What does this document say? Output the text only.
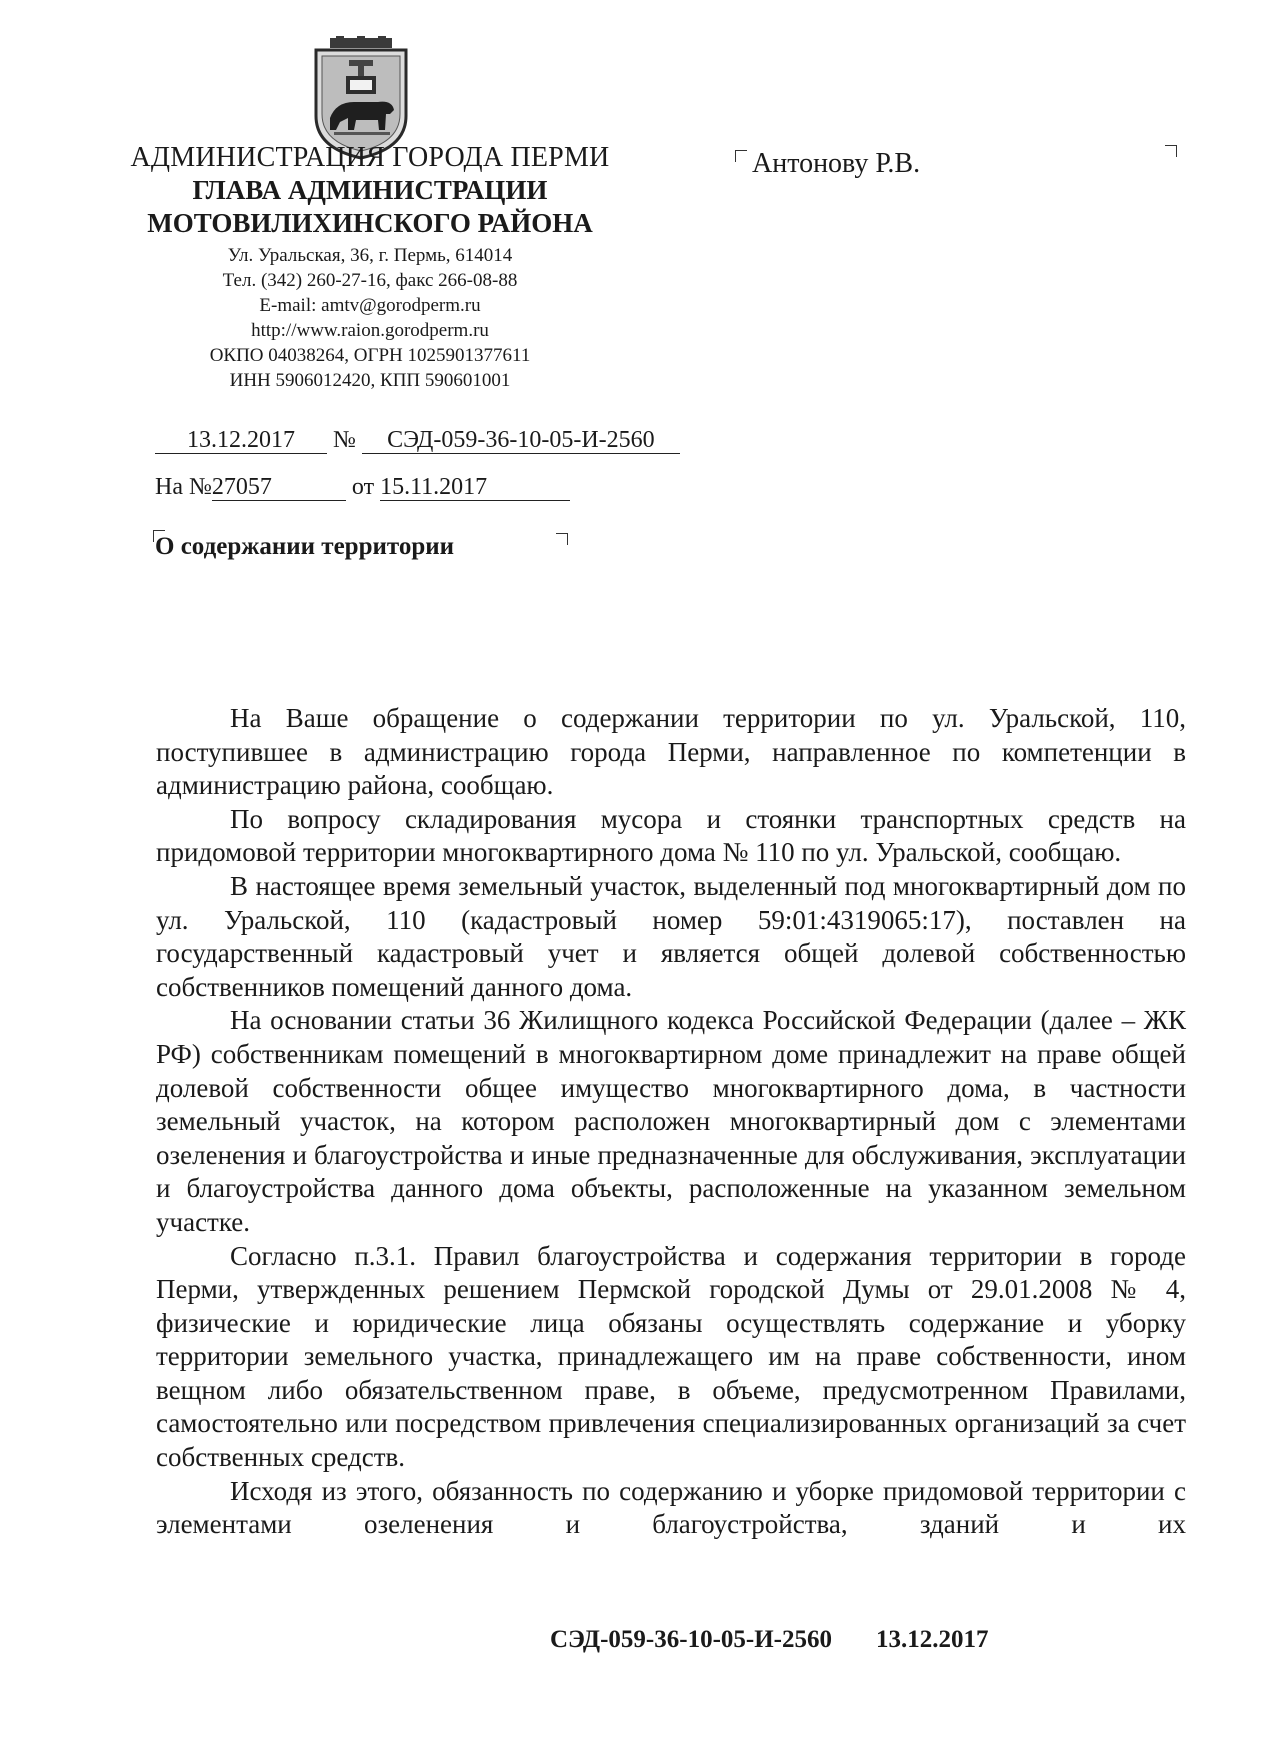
АДМИНИСТРАЦИЯ ГОРОДА ПЕРМИ
ГЛАВА АДМИНИСТРАЦИИ
МОТОВИЛИХИНСКОГО РАЙОНА
Ул. Уральская, 36, г. Пермь, 614014
Тел. (342) 260-27-16, факс 266-08-88
E-mail: amtv@gorodperm.ru
http://www.raion.gorodperm.ru
ОКПО 04038264, ОГРН 1025901377611
ИНН 5906012420, КПП 590601001
Антонову Р.В.
13.12.2017 № СЭД-059-36-10-05-И-2560
На №27057	от 15.11.2017
О содержании территории

На Ваше обращение о содержании территории по ул. Уральской, 110, поступившее в администрацию города Перми, направленное по компетенции в администрацию района, сообщаю.

По вопросу складирования мусора и стоянки транспортных средств на придомовой территории многоквартирного дома № 110 по ул. Уральской, сообщаю.

В настоящее время земельный участок, выделенный под многоквартирный дом по ул. Уральской, 110 (кадастровый номер 59:01:4319065:17), поставлен на государственный кадастровый учет и является общей долевой собственностью собственников помещений данного дома.

На основании статьи 36 Жилищного кодекса Российской Федерации (далее – ЖК РФ) собственникам помещений в многоквартирном доме принадлежит на праве общей долевой собственности общее имущество многоквартирного дома, в частности земельный участок, на котором расположен многоквартирный дом с элементами озеленения и благоустройства и иные предназначенные для обслуживания, эксплуатации и благоустройства данного дома объекты, расположенные на указанном земельном участке.

Согласно п.3.1. Правил благоустройства и содержания территории в городе Перми, утвержденных решением Пермской городской Думы от 29.01.2008 № 4, физические и юридические лица обязаны осуществлять содержание и уборку территории земельного участка, принадлежащего им на праве собственности, ином вещном либо обязательственном праве, в объеме, предусмотренном Правилами, самостоятельно или посредством привлечения специализированных организаций за счет собственных средств.

Исходя из этого, обязанность по содержанию и уборке придомовой территории с элементами озеленения и благоустройства, зданий и их

СЭД-059-36-10-05-И-2560 13.12.2017
